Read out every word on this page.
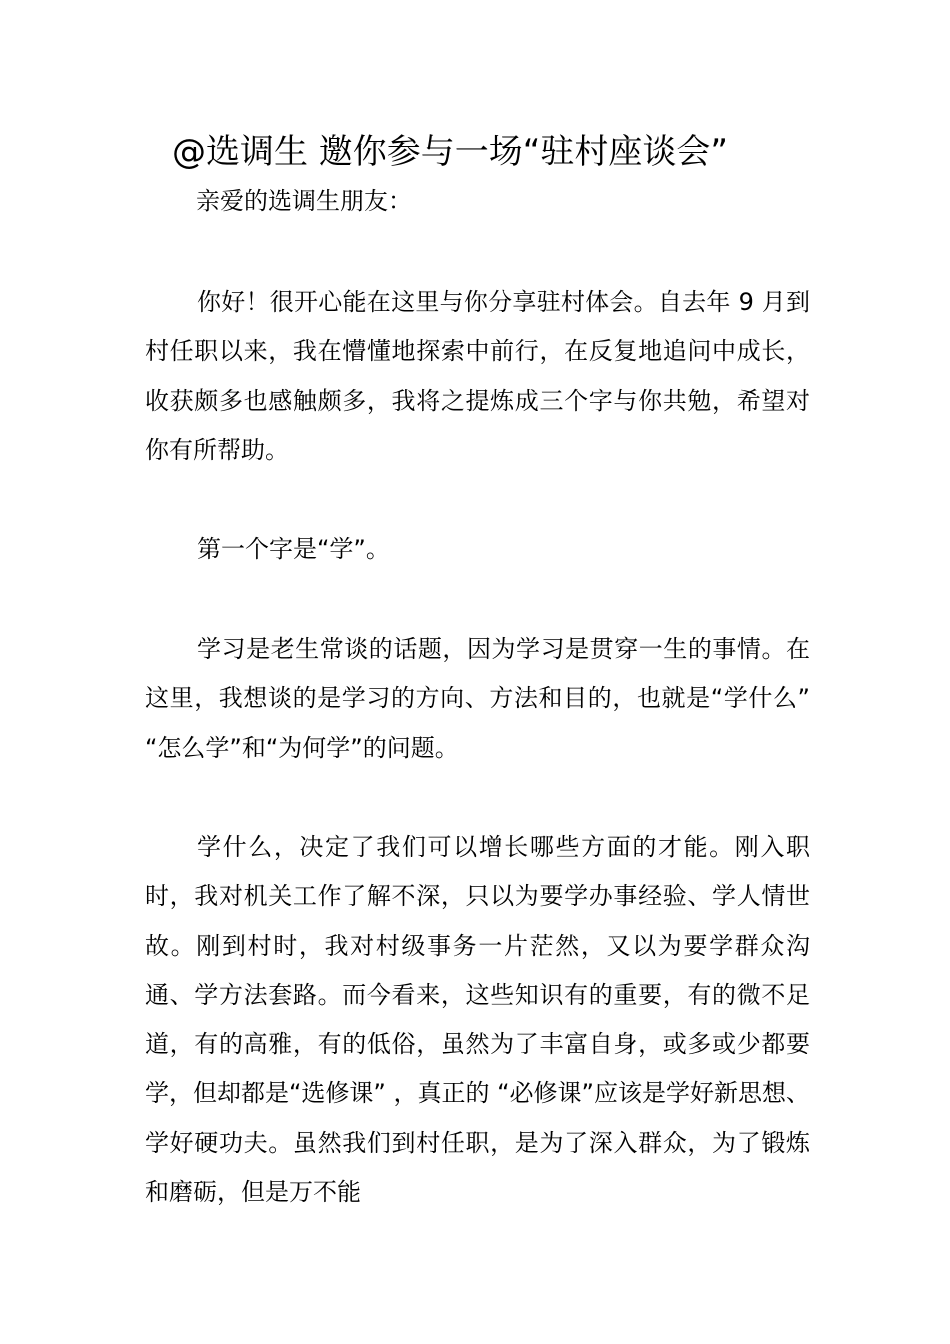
@选调生 邀你参与一场“驻村座谈会”
亲爱的选调生朋友：

你好！很开心能在这里与你分享驻村体会。自去年 9 月到村任职以来，我在懵懂地探索中前行，在反复地追问中成长，收获颇多也感触颇多，我将之提炼成三个字与你共勉，希望对你有所帮助。

第一个字是“学”。

学习是老生常谈的话题，因为学习是贯穿一生的事情。在这里，我想谈的是学习的方向、方法和目的，也就是“学什么” “怎么学”和“为何学”的问题。

学什么，决定了我们可以增长哪些方面的才能。刚入职时，我对机关工作了解不深，只以为要学办事经验、学人情世故。刚到村时，我对村级事务一片茫然，又以为要学群众沟通、学方法套路。而今看来，这些知识有的重要，有的微不足道，有的高雅，有的低俗，虽然为了丰富自身，或多或少都要学，但却都是“选修课” ，真正的 “必修课”应该是学好新思想、学好硬功夫。虽然我们到村任职，是为了深入群众，为了锻炼和磨砺，但是万不能
